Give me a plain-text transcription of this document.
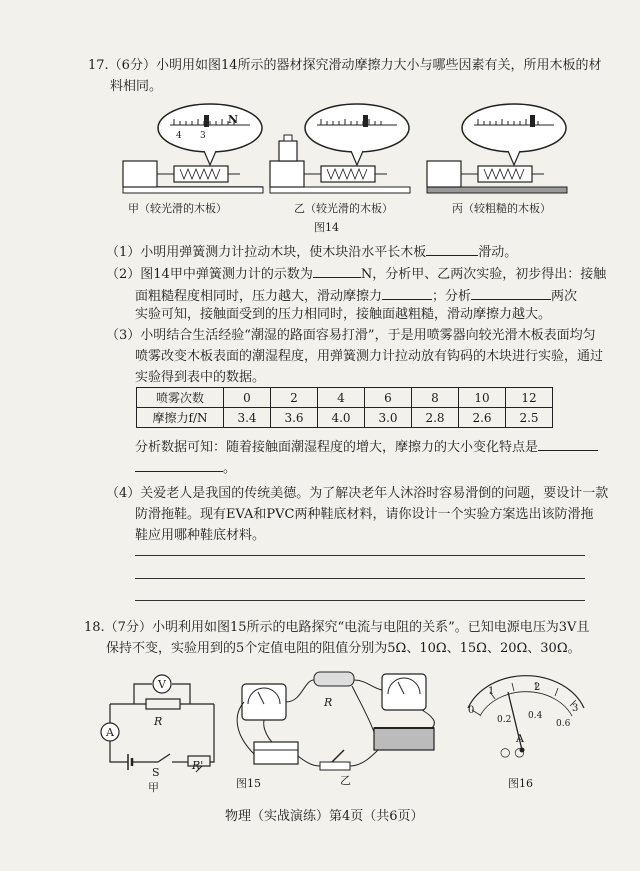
17.（6分）小明用如图14所示的器材探究滑动摩擦力大小与哪些因素有关，所用木板的材
料相同。
N
4 3
甲（较光滑的木板）	乙（较光滑的木板）	丙（较粗糙的木板）
图14
（1）小明用弹簧测力计拉动木块，使木块沿水平长木板	滑动。
（2）图14甲中弹簧测力计的示数为	N，分析甲、乙两次实验，初步得出：接触
面粗糙程度相同时，压力越大，滑动摩擦力	；分析	两次
实验可知，接触面受到的压力相同时，接触面越粗糙，滑动摩擦力越大。
（3）小明结合生活经验“潮湿的路面容易打滑”，于是用喷雾器向较光滑木板表面均匀
喷雾改变木板表面的潮湿程度，用弹簧测力计拉动放有钩码的木块进行实验，通过
实验得到表中的数据。
喷雾次数	0	2	4	6	8	10	12
摩擦力f/N	3.4	3.6	4.0	3.0	2.8	2.6	2.5
分析数据可知：随着接触面潮湿程度的增大，摩擦力的大小变化特点是
。
（4）关爱老人是我国的传统美德。为了解决老年人沐浴时容易滑倒的问题，要设计一款
防滑拖鞋。现有EVA和PVC两种鞋底材料，请你设计一个实验方案选出该防滑拖
鞋应用哪种鞋底材料。
18.（7分）小明利用如图15所示的电路探究“电流与电阻的关系”。已知电源电压为3V且
保持不变，实验用到的5个定值电阻的阻值分别为5Ω、10Ω、15Ω、20Ω、30Ω。
V
A
R
S
R'
甲
R
图15	乙
0
1	2
3
0.2 0.4
0.6
A
○ ○
图16
物理（实战演练）第4页（共6页）
